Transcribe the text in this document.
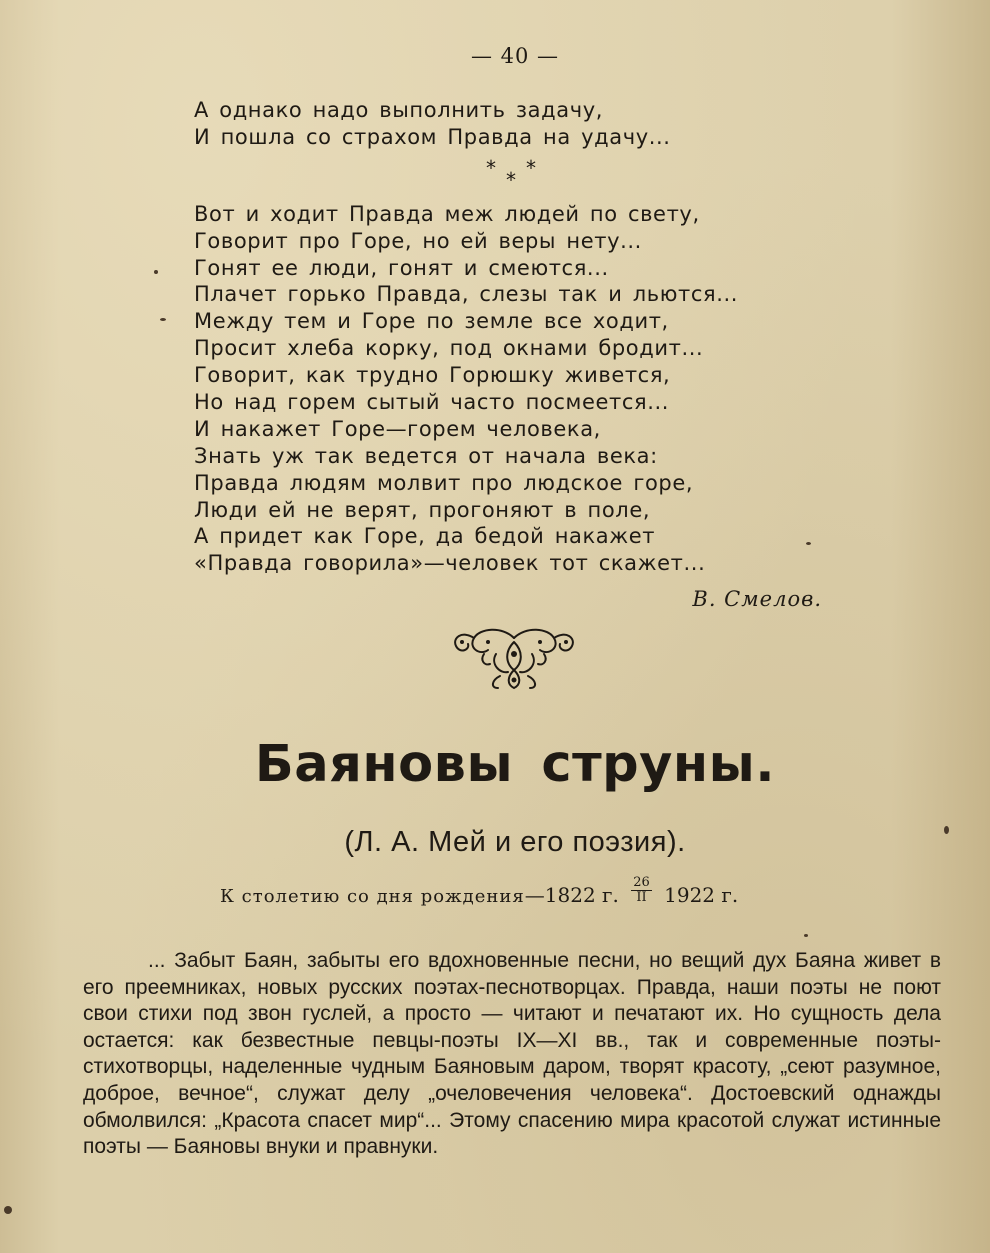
— 40 —
А однако надо выполнить задачу,
И пошла со страхом Правда на удачу...
* *
*
Вот и ходит Правда меж людей по свету,
Говорит про Горе, но ей веры нету...
Гонят ее люди, гонят и смеются...
Плачет горько Правда, слезы так и льются...
Между тем и Горе по земле все ходит,
Просит хлеба корку, под окнами бродит...
Говорит, как трудно Горюшку живется,
Но над горем сытый часто посмеется...
И накажет Горе—горем человека,
Знать уж так ведется от начала века:
Правда людям молвит про людское горе,
Люди ей не верят, прогоняют в поле,
А придет как Горе, да бедой накажет
«Правда говорила»—человек тот скажет...
В. Смелов.
Баяновы струны.
(Л. А. Мей и его поэзия).
К столетию со дня рождения—1822 г. $\frac{26}{II} 1922$ г.

... Забыт Баян, забыты его вдохновенные песни, но вещий дух Баяна живет в его преемниках, новых русских поэтах-песнотворцах. Правда, наши поэты не поют свои стихи под звон гуслей, а просто — читают и печатают их. Но сущность дела остается: как безвестные певцы-поэты IX—XI вв., так и современные поэты-стихотворцы, наделенные чудным Баяновым даром, творят красоту, „сеют разумное, доброе, вечное“, служат делу „очеловечения человека“. Достоевский однажды обмолвился: „Красота спасет мир“... Этому спасению мира красотой служат истинные поэты — Баяновы внуки и правнуки.
